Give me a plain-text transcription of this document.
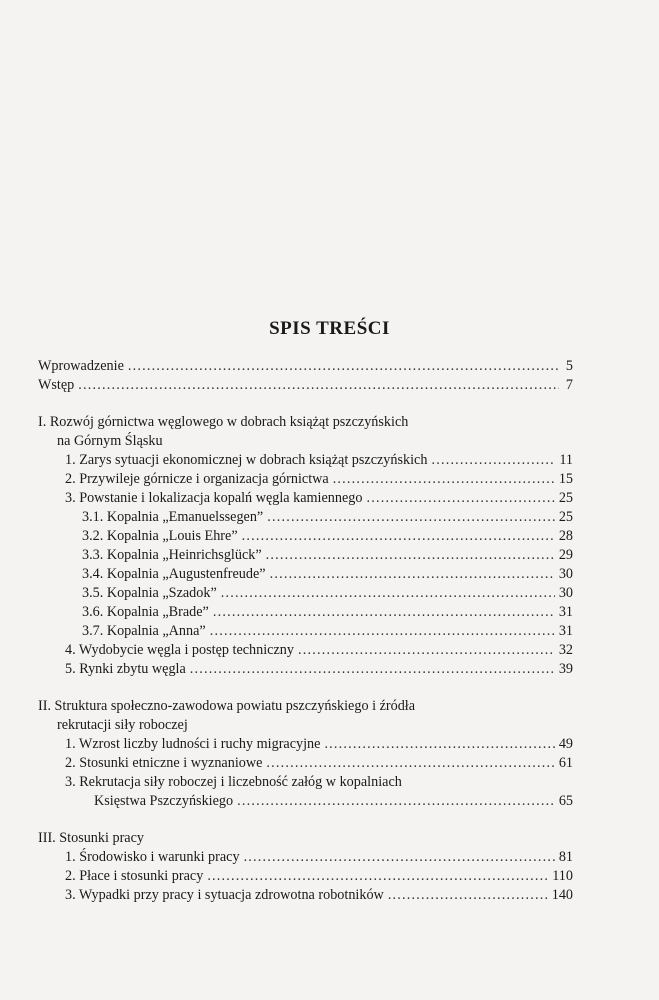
SPIS TREŚCI
Wprowadzenie .....	5
Wstęp .....	7
I. Rozwój górnictwa węglowego w dobrach książąt pszczyńskich
na Górnym Śląsku
1. Zarys sytuacji ekonomicznej w dobrach książąt pszczyńskich .....	11
2. Przywileje górnicze i organizacja górnictwa .....	15
3. Powstanie i lokalizacja kopalń węgla kamiennego .....	25
3.1. Kopalnia „Emanuelssegen” .....	25
3.2. Kopalnia „Louis Ehre” .....	28
3.3. Kopalnia „Heinrichsglück” .....	29
3.4. Kopalnia „Augustenfreude” .....	30
3.5. Kopalnia „Szadok” .....	30
3.6. Kopalnia „Brade” .....	31
3.7. Kopalnia „Anna” .....	31
4. Wydobycie węgla i postęp techniczny .....	32
5. Rynki zbytu węgla .....	39
II. Struktura społeczno-zawodowa powiatu pszczyńskiego i źródła
rekrutacji siły roboczej
1. Wzrost liczby ludności i ruchy migracyjne .....	49
2. Stosunki etniczne i wyznaniowe .....	61
3. Rekrutacja siły roboczej i liczebność załóg w kopalniach
Księstwa Pszczyńskiego .....	65
III. Stosunki pracy
1. Środowisko i warunki pracy .....	81
2. Płace i stosunki pracy .....	110
3. Wypadki przy pracy i sytuacja zdrowotna robotników .....	140
